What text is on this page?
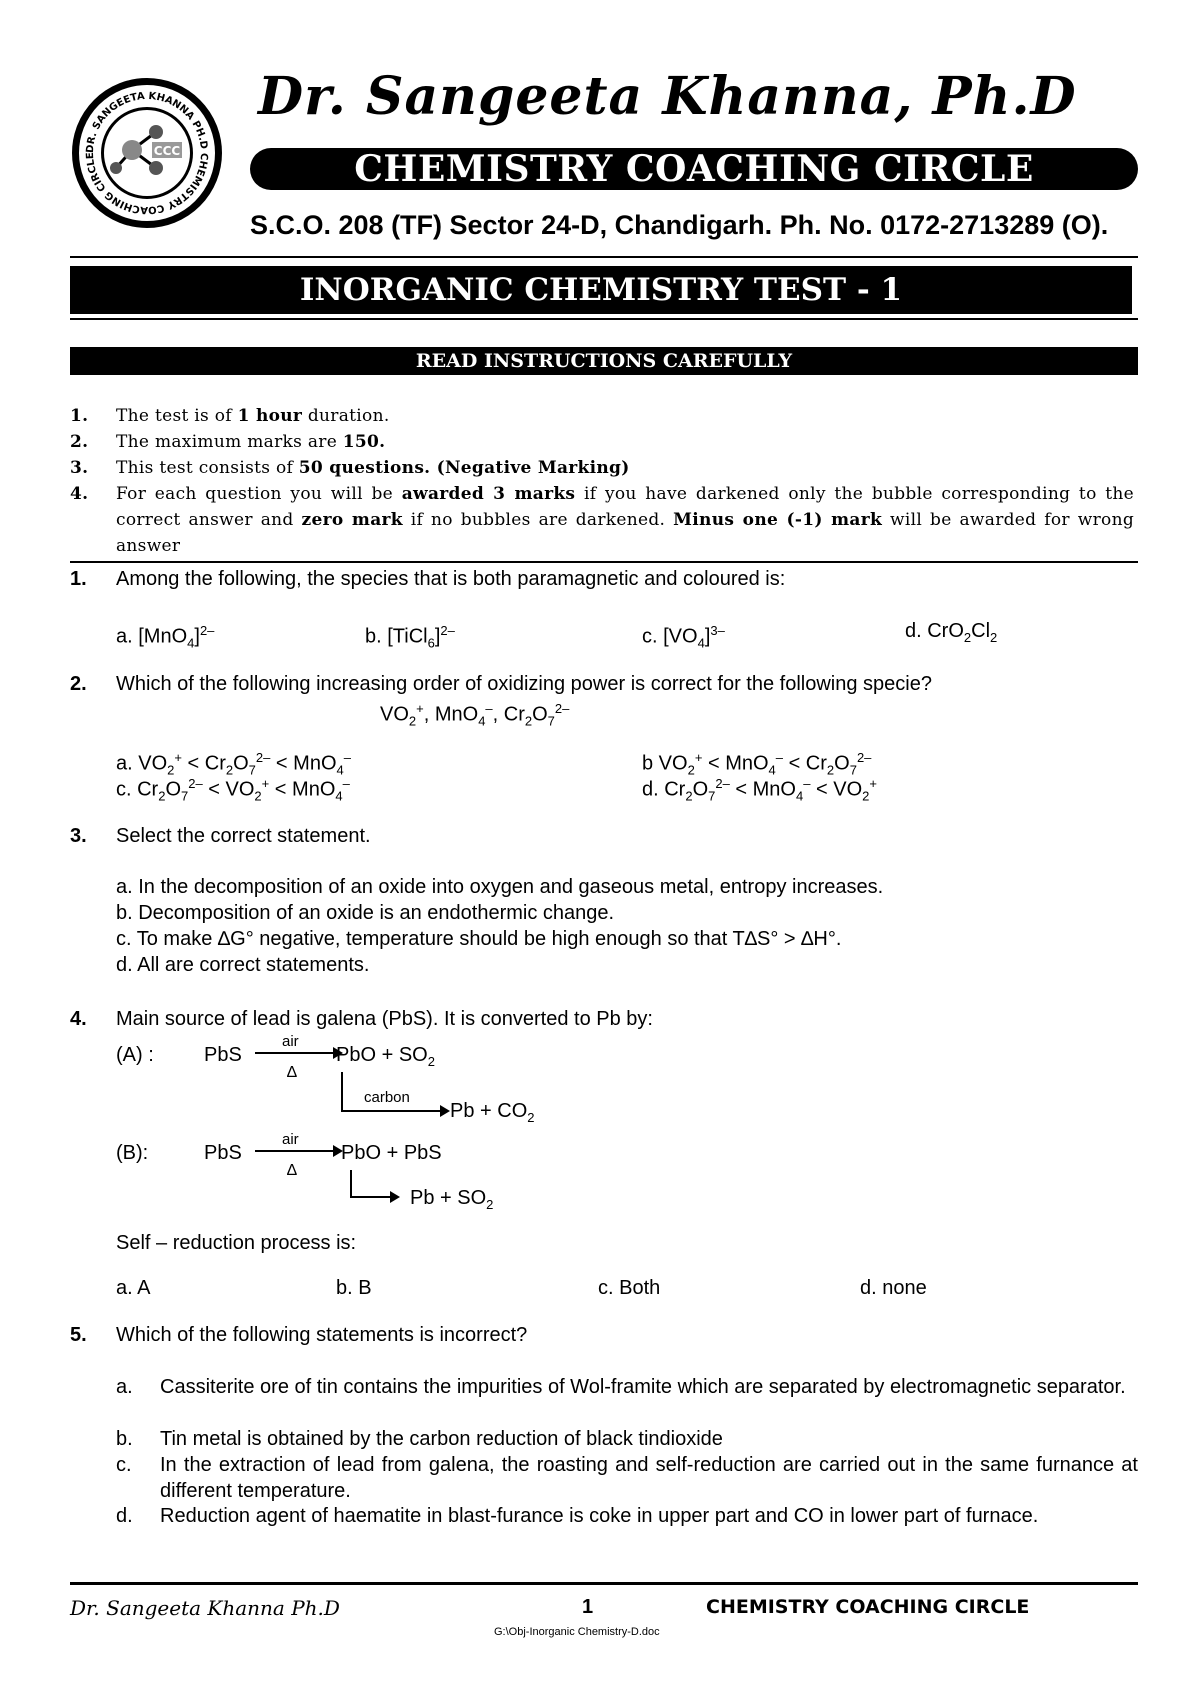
CCC
DR. SANGEETA KHANNA PH.D CHEMISTRY COACHING CIRCLE
Dr. Sangeeta Khanna, Ph.D
CHEMISTRY COACHING CIRCLE
S.C.O. 208 (TF) Sector 24-D, Chandigarh. Ph. No. 0172-2713289 (O).
INORGANIC CHEMISTRY TEST - 1
READ INSTRUCTIONS CAREFULLY
1. The test is of 1 hour duration.
2. The maximum marks are 150.
3. This test consists of 50 questions. (Negative Marking)
4. For each question you will be awarded 3 marks if you have darkened only the bubble corresponding to the correct answer and zero mark if no bubbles are darkened. Minus one (-1) mark will be awarded for wrong answer
1. Among the following, the species that is both paramagnetic and coloured is:
a. $[MnO_4]^{2-}$	b. [TiCl$_6$]$^{2-}$	c. $[VO_4]^{3-}$	d. $CrO_2Cl_2$
2. Which of the following increasing order of oxidizing power is correct for the following specie?
$VO_2^+$, MnO$_4$–, $Cr_2O_7^{2-}$
a. $VO_2^+ < Cr_2O_7^{2-} < MnO_4^-$	b $VO_2^+ < MnO_4^- < Cr_2O_7^{2-}$
c. $Cr_2O_7^{2-} < VO_2^+ < MnO_4^-$	d. $Cr_2O_7^{2-} < MnO_4^- < VO_2^+$
3. Select the correct statement.
a. In the decomposition of an oxide into oxygen and gaseous metal, entropy increases.
b. Decomposition of an oxide is an endothermic change.
c. To make ∆G° negative, temperature should be high enough so that T∆S° > ∆H°.
d. All are correct statements.
4. Main source of lead is galena (PbS). It is converted to Pb by:
(A) :	PbS
air
∆
PbO + $SO_2$
carbon
$Pb + CO_2$
(B):	PbS
air
∆
PbO + PbS
$Pb + SO_2$
Self – reduction process is:
a. A	b. B	c. Both	d. none
5. Which of the following statements is incorrect?
a. Cassiterite ore of tin contains the impurities of Wol-framite which are separated by electromagnetic separator.
b. Tin metal is obtained by the carbon reduction of black tindioxide
c. In the extraction of lead from galena, the roasting and self-reduction are carried out in the same furnance at different temperature.
d. Reduction agent of haematite in blast-furance is coke in upper part and CO in lower part of furnace.
Dr. Sangeeta Khanna Ph.D	1	CHEMISTRY COACHING CIRCLE
G:\Obj-Inorganic Chemistry-D.doc
